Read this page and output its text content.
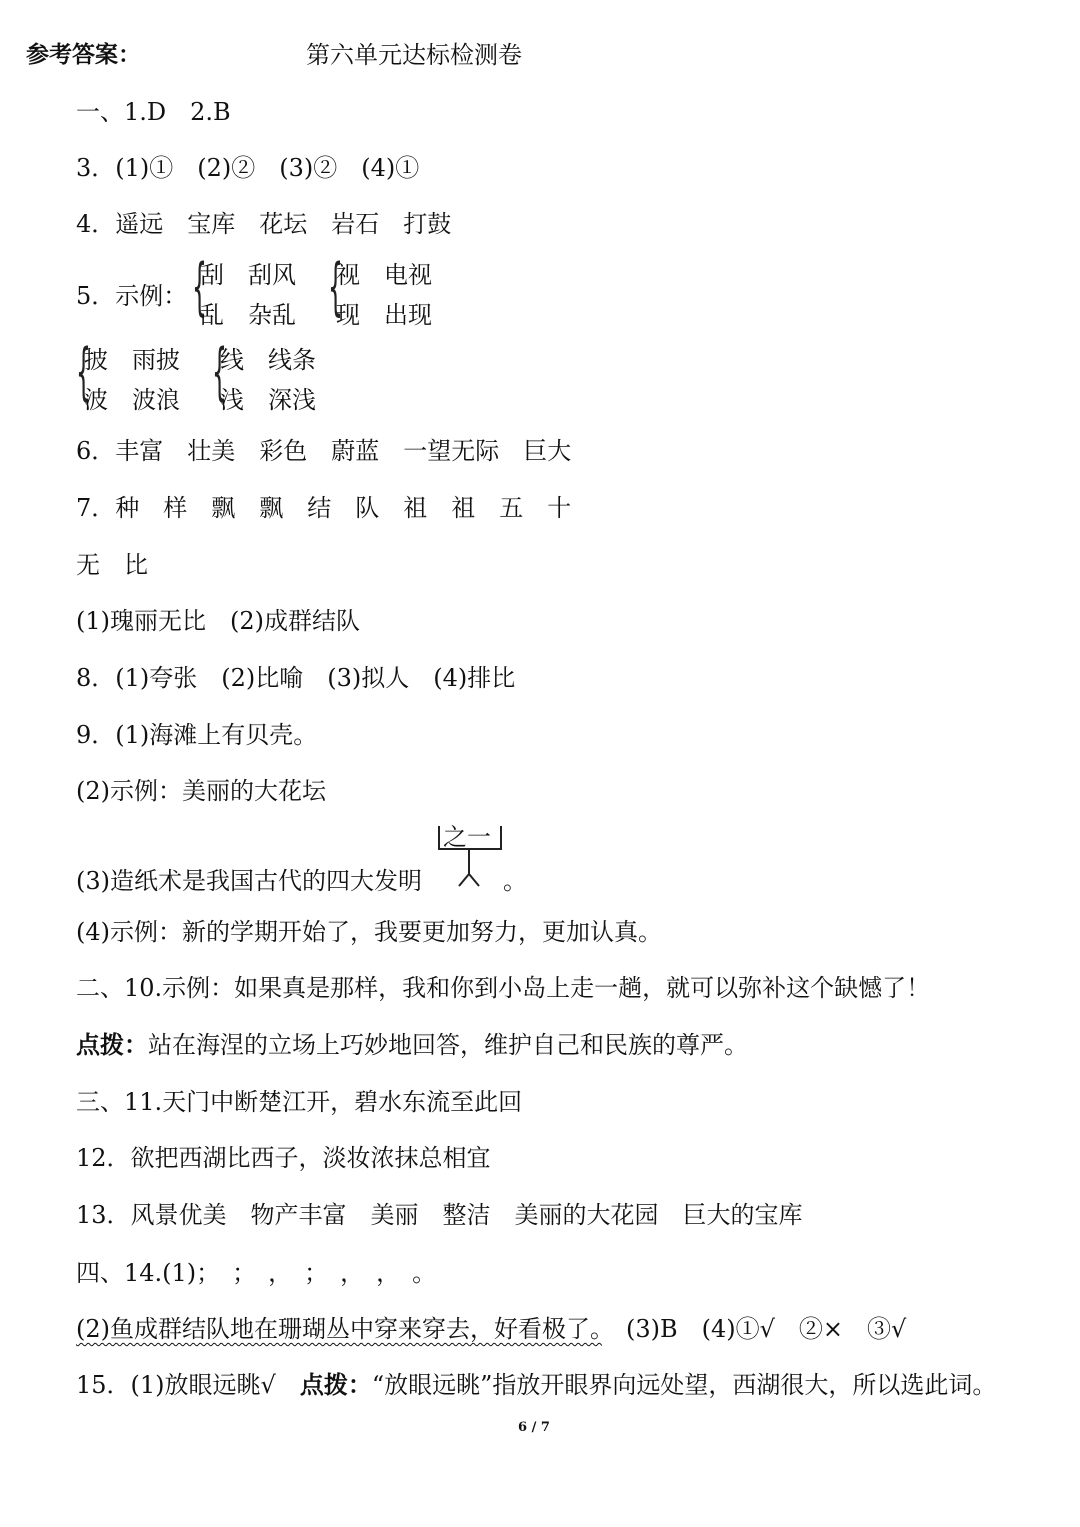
参考答案：	第六单元达标检测卷
一、1.D　2.B
3．(1)①　(2)②　(3)②　(4)①
4．遥远　宝库　花坛　岩石　打鼓
5．示例： {
刮　刮风
乱　杂乱 {
视　电视
现　出现
{
披　雨披
波　波浪 {
线　线条
浅　深浅
6．丰富　壮美　彩色　蔚蓝　一望无际　巨大
7．种　样　飘　飘　结　队　祖　祖　五　十
无　比
(1)瑰丽无比　(2)成群结队
8．(1)夸张　(2)比喻　(3)拟人　(4)排比
9．(1)海滩上有贝壳。
(2)示例：美丽的大花坛
之一
(3)造纸术是我国古代的四大发明	。
(4)示例：新的学期开始了，我要更加努力，更加认真。
二、10.示例：如果真是那样，我和你到小岛上走一趟，就可以弥补这个缺憾了！
点拨：站在海涅的立场上巧妙地回答，维护自己和民族的尊严。
三、11.天门中断楚江开，碧水东流至此回
12．欲把西湖比西子，淡妆浓抹总相宜
13．风景优美　物产丰富　美丽　整洁　美丽的大花园　巨大的宝库
四、14.(1)；　；　，　；　，　，　。
(2)鱼成群结队地在珊瑚丛中穿来穿去，好看极了。　(3)B　(4)①√　②×　③√
15．(1)放眼远眺√　点拨：“放眼远眺”指放开眼界向远处望，西湖很大，所以选此词。
6 / 7
